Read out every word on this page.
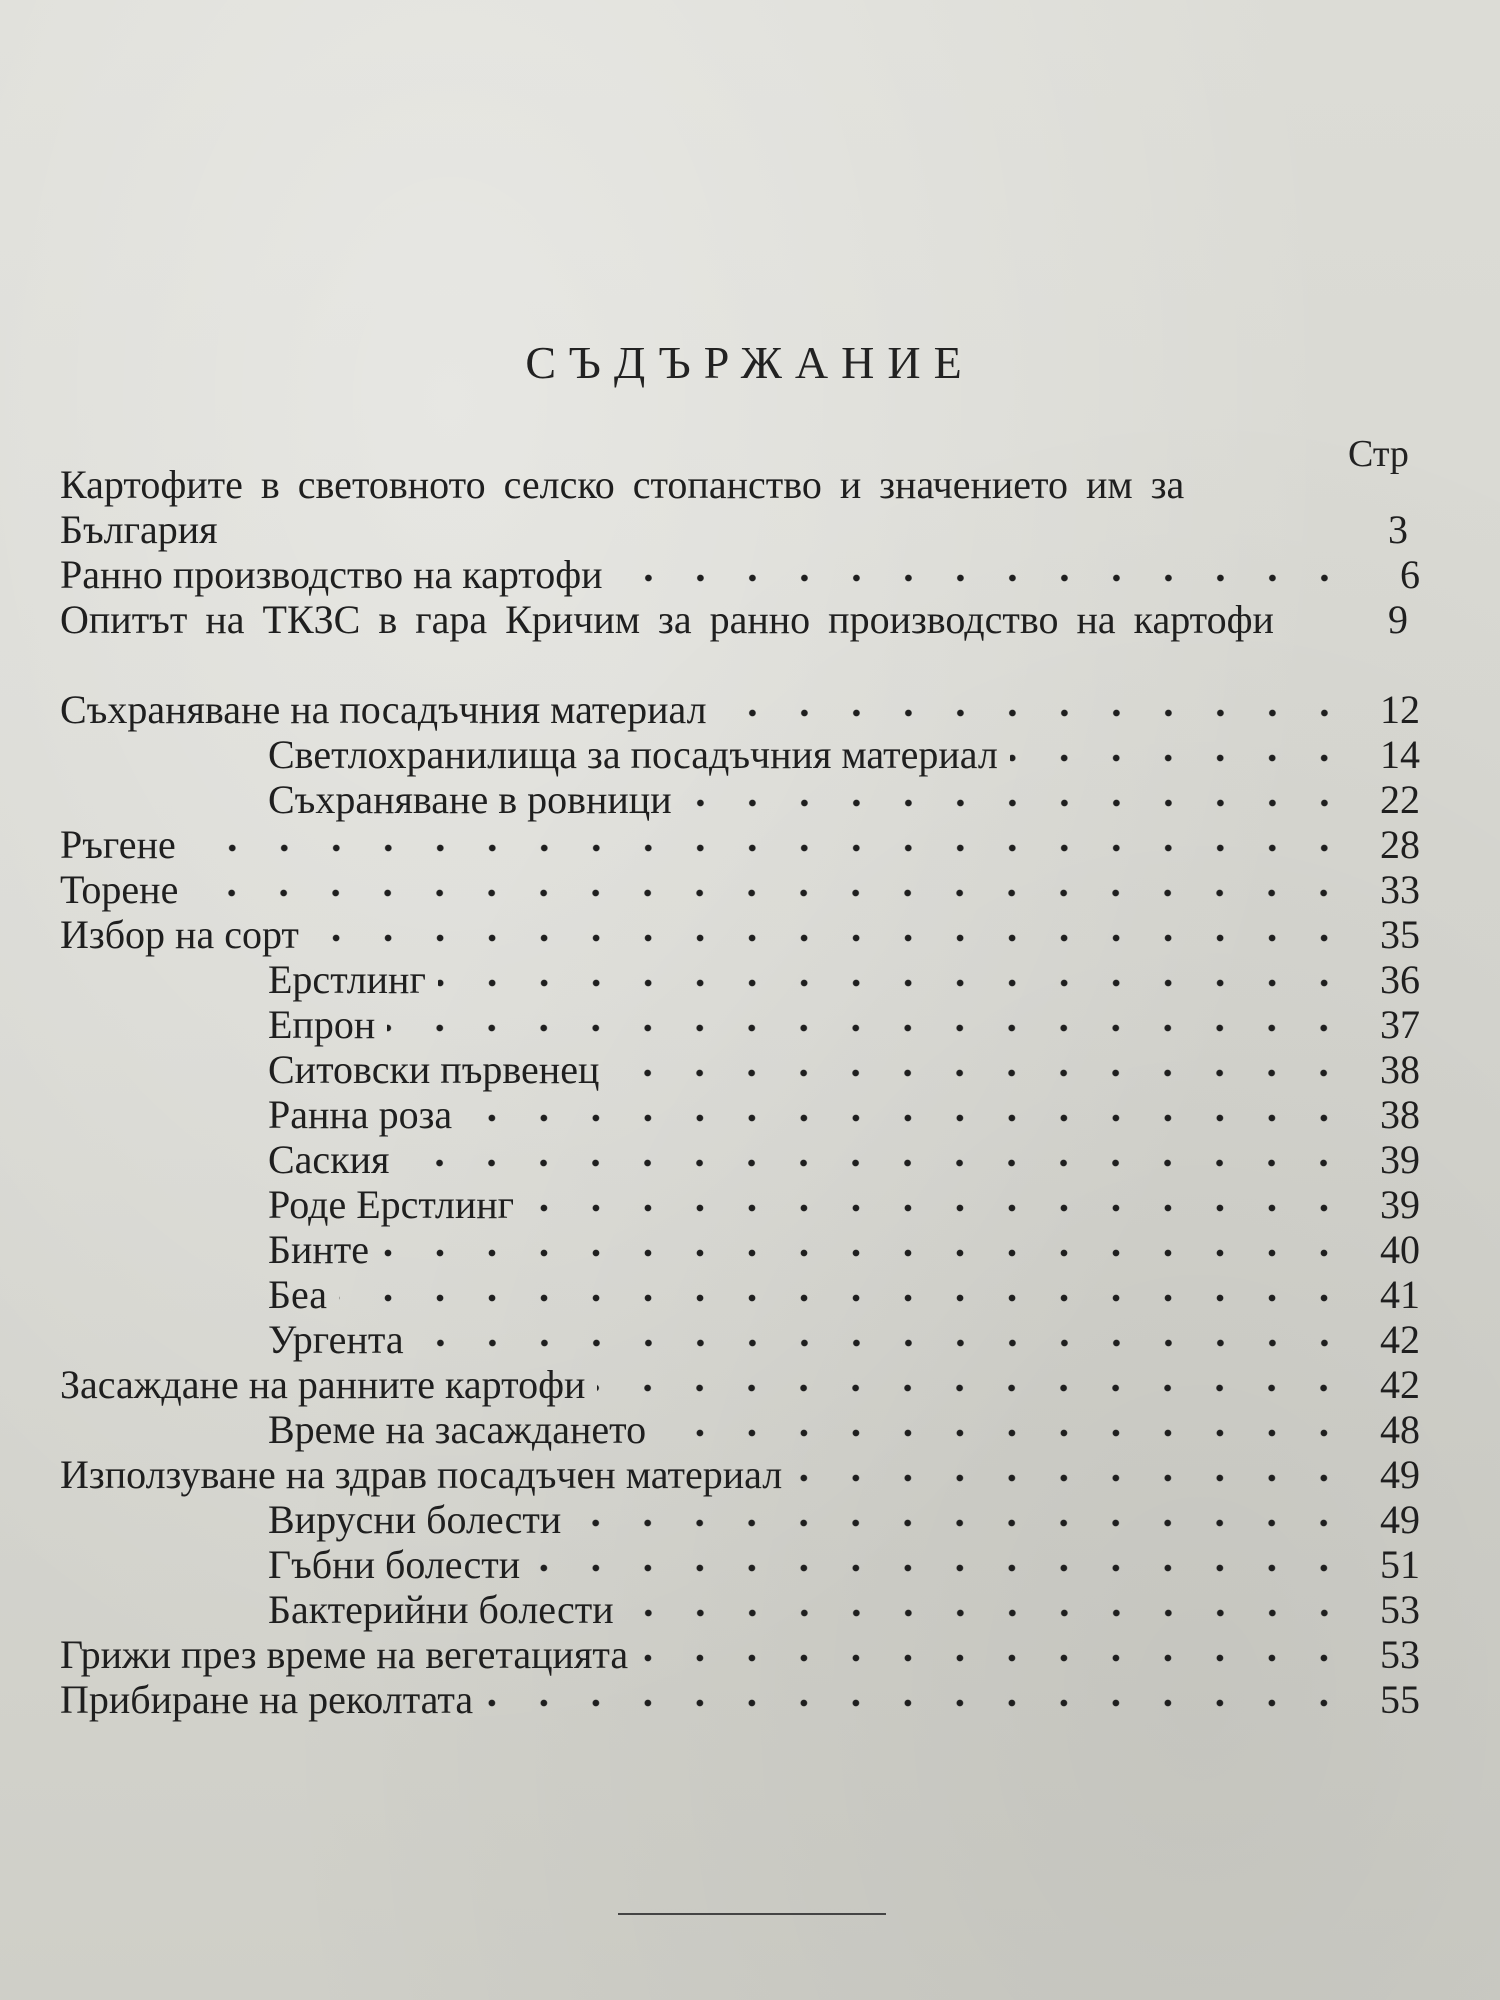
СЪДЪРЖАНИЕ
Стр
Картофите в световното селско стопанство и значението им за България	3
Ранно производство на картофи	6
Опитът на ТКЗС в гара Кричим за ранно производство на картофи	9
Съхраняване на посадъчния материал	12
Светлохранилища за посадъчния материал	14
Съхраняване в ровници	22
Ръгене	28
Торене	33
Избор на сорт	35
Ерстлинг	36
Епрон	37
Ситовски първенец	38
Ранна роза	38
Саския	39
Роде Ерстлинг	39
Бинте	40
Беа	41
Ургента	42
Засаждане на ранните картофи	42
Време на засаждането	48
Използуване на здрав посадъчен материал	49
Вирусни болести	49
Гъбни болести	51
Бактерийни болести	53
Грижи през време на вегетацията	53
Прибиране на реколтата	55
